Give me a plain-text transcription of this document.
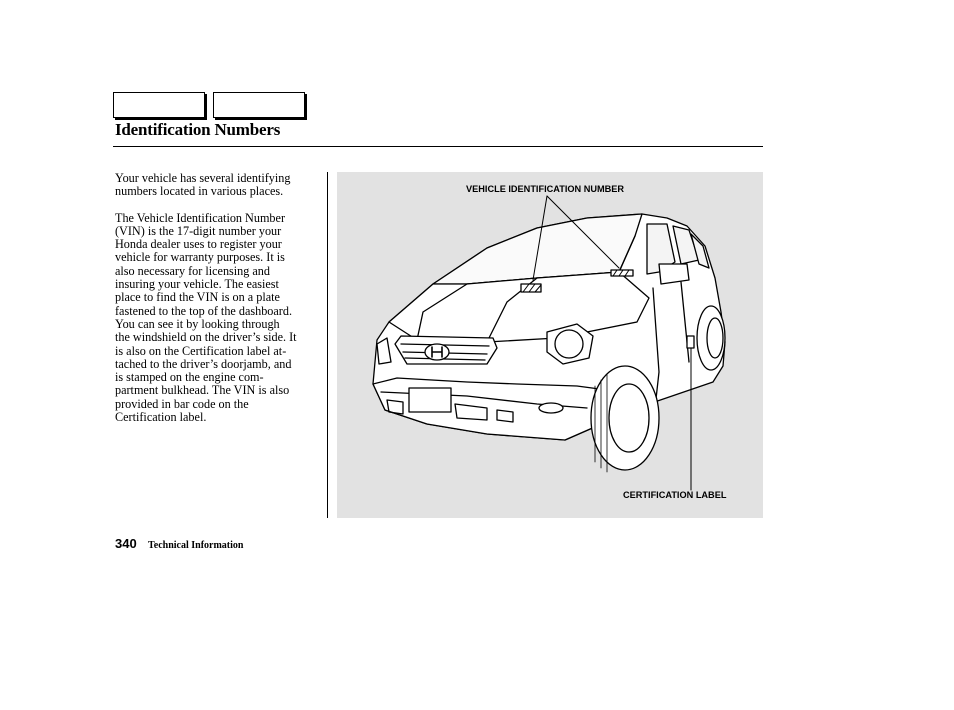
Identification Numbers

Your vehicle has several identifying
numbers located in various places.

The Vehicle Identification Number
(VIN) is the 17-digit number your
Honda dealer uses to register your
vehicle for warranty purposes. It is
also necessary for licensing and
insuring your vehicle. The easiest
place to find the VIN is on a plate
fastened to the top of the dashboard.
You can see it by looking through
the windshield on the driver’s side. It
is also on the Certification label at-
tached to the driver’s doorjamb, and
is stamped on the engine com-
partment bulkhead. The VIN is also
provided in bar code on the
Certification label.

VEHICLE IDENTIFICATION NUMBER
CERTIFICATION LABEL
340 Technical Information
